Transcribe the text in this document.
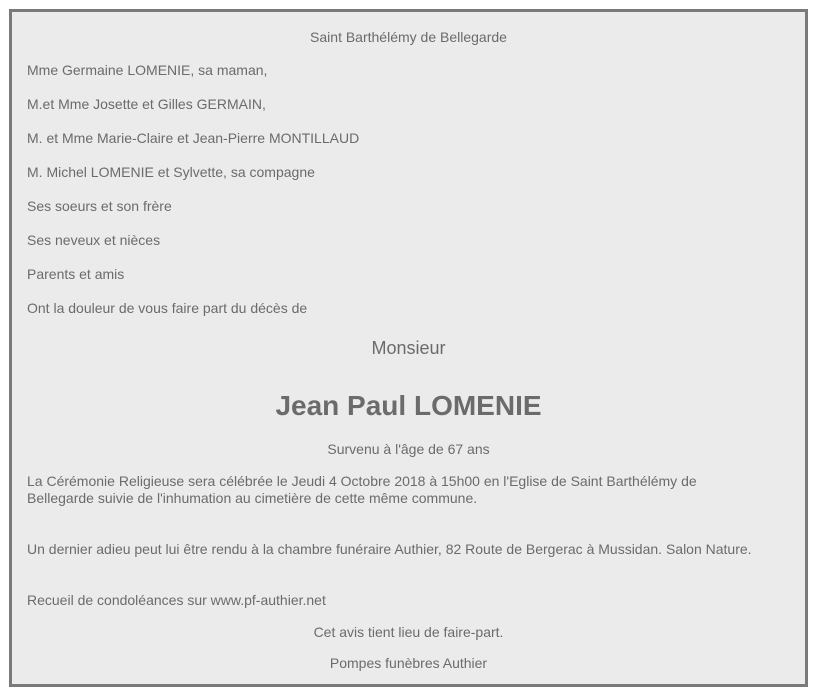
Saint Barthélémy de Bellegarde
Mme Germaine LOMENIE, sa maman,
M.et Mme Josette et Gilles GERMAIN,
M. et Mme Marie-Claire et Jean-Pierre MONTILLAUD
M. Michel LOMENIE et Sylvette, sa compagne
Ses soeurs et son frère
Ses neveux et nièces
Parents et amis
Ont la douleur de vous faire part du décès de
Monsieur
Jean Paul LOMENIE
Survenu à l'âge de 67 ans
La Cérémonie Religieuse sera célébrée le Jeudi 4 Octobre 2018 à 15h00 en l'Eglise de Saint Barthélémy de Bellegarde suivie de l'inhumation au cimetière de cette même commune.
Un dernier adieu peut lui être rendu à la chambre funéraire Authier, 82 Route de Bergerac à Mussidan. Salon Nature.
Recueil de condoléances sur www.pf-authier.net
Cet avis tient lieu de faire-part.
Pompes funèbres Authier
